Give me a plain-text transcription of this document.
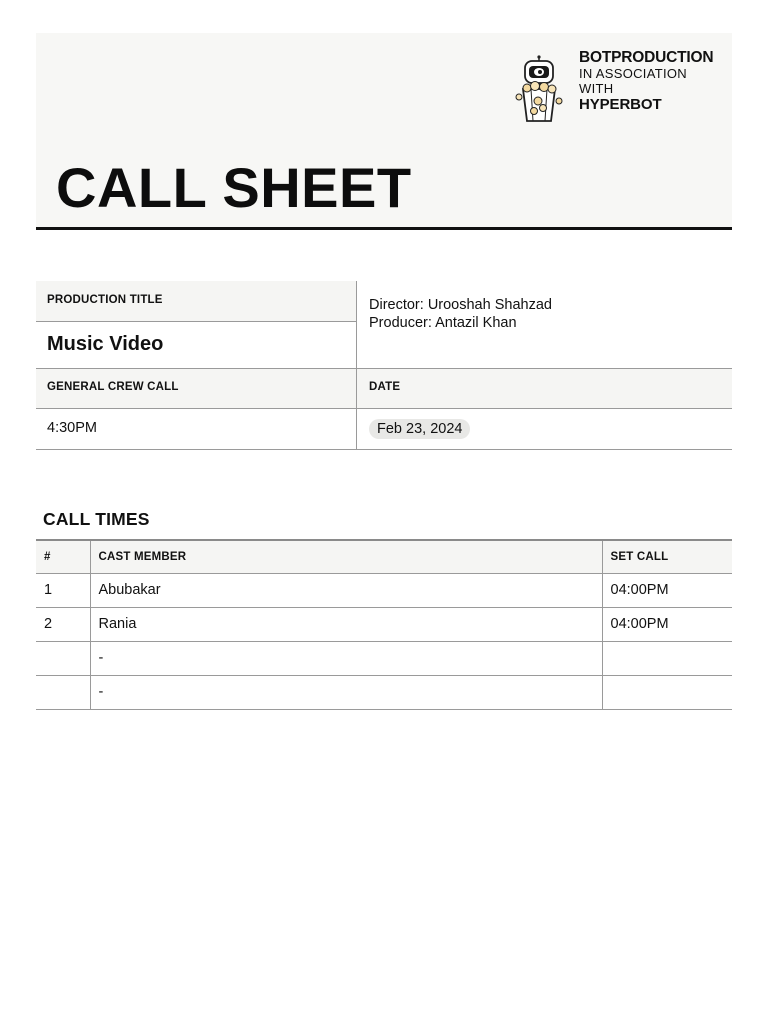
BOTPRODUCTION
IN ASSOCIATION
WITH
HYPERBOT
CALL SHEET
PRODUCTION TITLE
Music Video
Director: Urooshah Shahzad
Producer: Antazil Khan
GENERAL CREW CALL	DATE
4:30PM	Feb 23, 2024
CALL TIMES
#	CAST MEMBER	SET CALL
1	Abubakar	04:00PM
2	Rania	04:00PM
	-	
	-	
